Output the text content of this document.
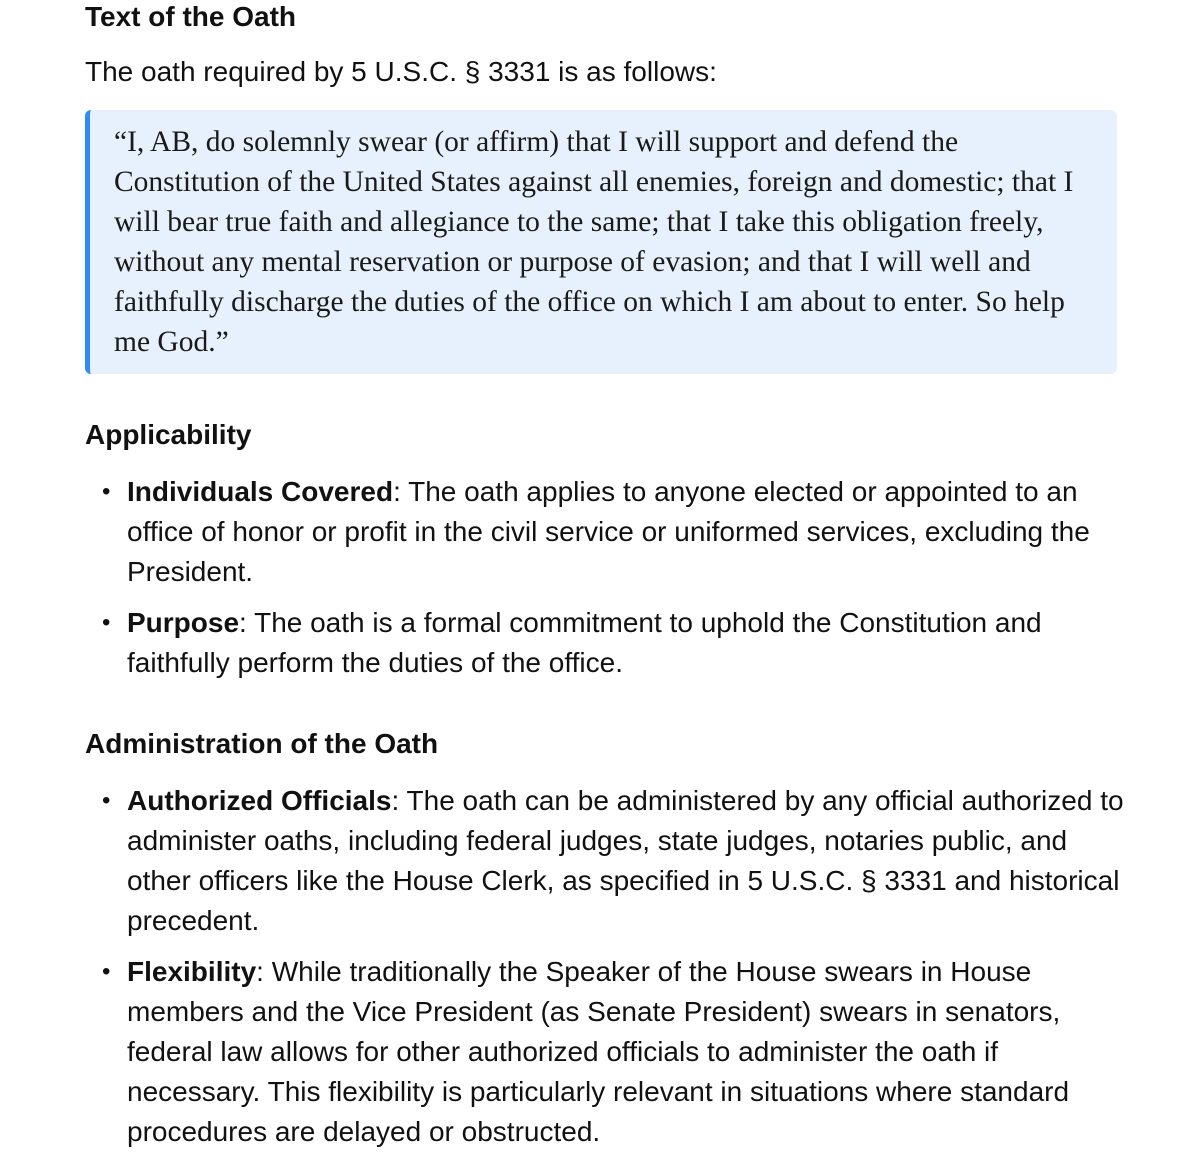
Text of the Oath

The oath required by 5 U.S.C. § 3331 is as follows:

“I, AB, do solemnly swear (or affirm) that I will support and defend the Constitution of the United States against all enemies, foreign and domestic; that I will bear true faith and allegiance to the same; that I take this obligation freely, without any mental reservation or purpose of evasion; and that I will well and faithfully discharge the duties of the office on which I am about to enter. So help me God.”
Applicability
• Individuals Covered: The oath applies to anyone elected or appointed to an office of honor or profit in the civil service or uniformed services, excluding the President.
• Purpose: The oath is a formal commitment to uphold the Constitution and faithfully perform the duties of the office.
Administration of the Oath
• Authorized Officials: The oath can be administered by any official authorized to administer oaths, including federal judges, state judges, notaries public, and other officers like the House Clerk, as specified in 5 U.S.C. § 3331 and historical precedent.
• Flexibility: While traditionally the Speaker of the House swears in House members and the Vice President (as Senate President) swears in senators, federal law allows for other authorized officials to administer the oath if necessary. This flexibility is particularly relevant in situations where standard procedures are delayed or obstructed.
